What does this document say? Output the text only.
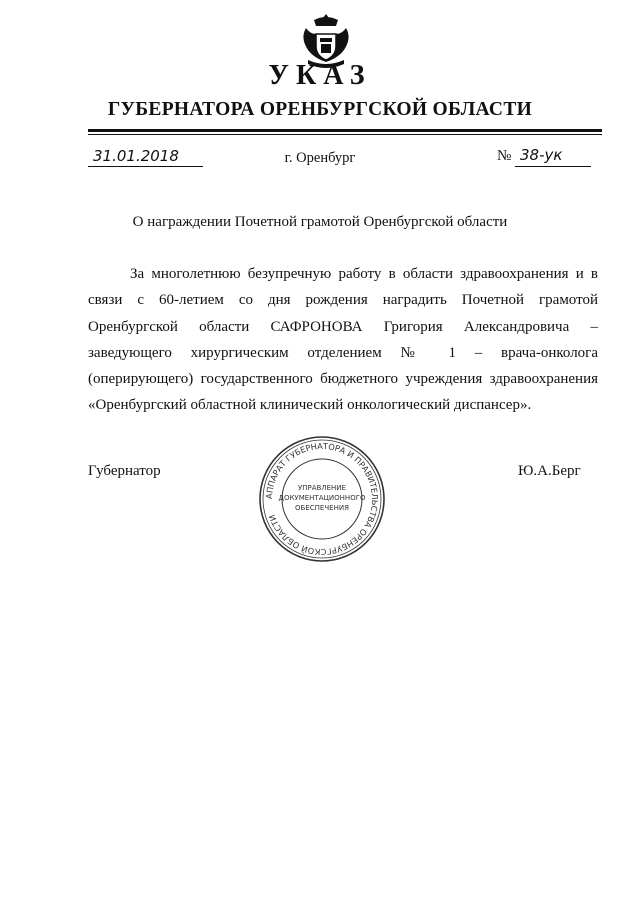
УКАЗ
ГУБЕРНАТОРА ОРЕНБУРГСКОЙ ОБЛАСТИ
31.01.2018	г. Оренбург	№ 38-ук
О награждении Почетной грамотой Оренбургской области
За многолетнюю безупречную работу в области здравоохранения и в
связи с 60-летием со дня рождения наградить Почетной грамотой
Оренбургской области САФРОНОВА Григория Александровича –
заведующего хирургическим отделением № 1 – врача-онколога
(оперирующего) государственного бюджетного учреждения здравоохранения
«Оренбургский областной клинический онкологический диспансер».
Губернатор	Ю.А.Берг
АППАРАТ ГУБЕРНАТОРА И ПРАВИТЕЛЬСТВА ОРЕНБУРГСКОЙ ОБЛАСТИ
УПРАВЛЕНИЕ
ДОКУМЕНТАЦИОННОГО
ОБЕСПЕЧЕНИЯ
